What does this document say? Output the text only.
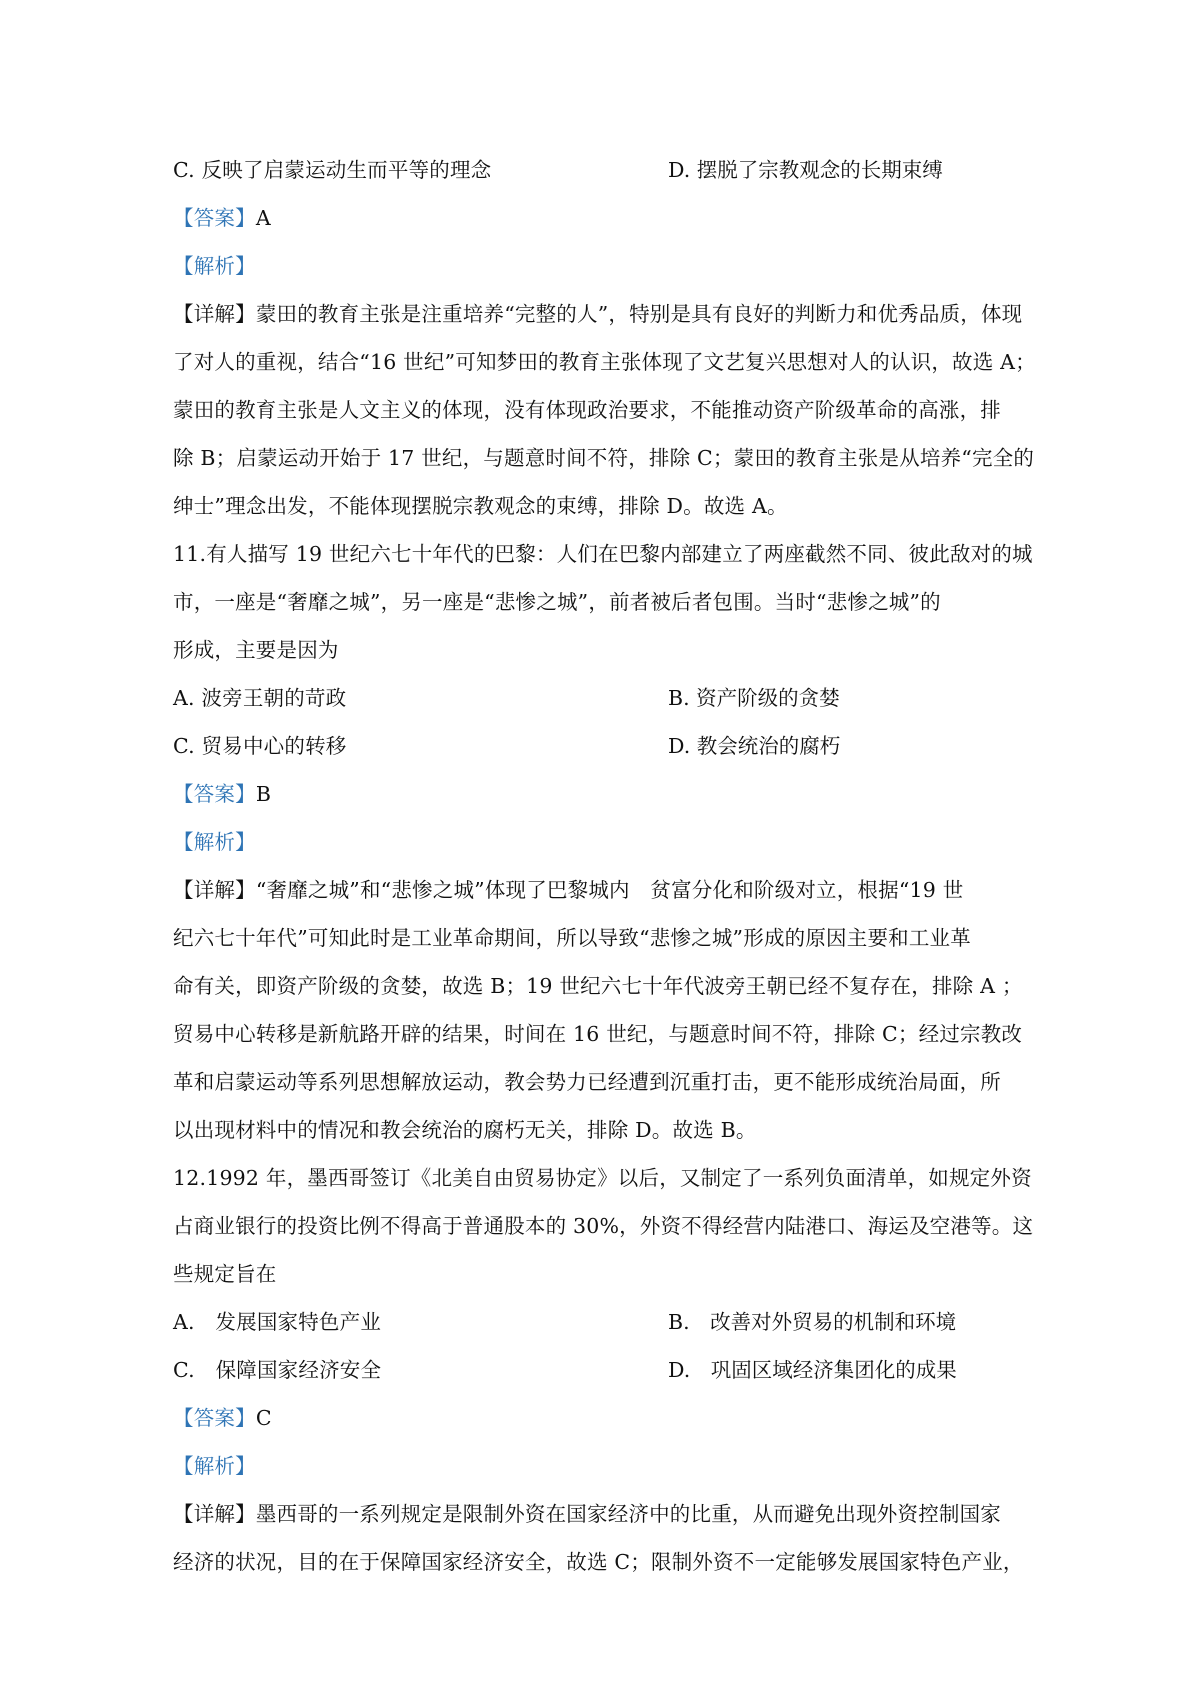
C. 反映了启蒙运动生而平等的理念	D. 摆脱了宗教观念的长期束缚
【答案】A
【解析】
【详解】蒙田的教育主张是注重培养“完整的人”，特别是具有良好的判断力和优秀品质，体现
了对人的重视，结合“16 世纪”可知梦田的教育主张体现了文艺复兴思想对人的认识，故选 A；
蒙田的教育主张是人文主义的体现，没有体现政治要求，不能推动资产阶级革命的高涨，排
除 B；启蒙运动开始于 17 世纪，与题意时间不符，排除 C；蒙田的教育主张是从培养“完全的
绅士”理念出发，不能体现摆脱宗教观念的束缚，排除 D。故选 A。
11.有人描写 19 世纪六七十年代的巴黎：人们在巴黎内部建立了两座截然不同、彼此敌对的城
市，一座是“奢靡之城”，另一座是“悲惨之城”，前者被后者包围。当时“悲惨之城”的
形成，主要是因为
A. 波旁王朝的苛政	B. 资产阶级的贪婪
C. 贸易中心的转移	D. 教会统治的腐朽
【答案】B
【解析】
【详解】“奢靡之城”和“悲惨之城”体现了巴黎城内　贫富分化和阶级对立，根据“19 世
纪六七十年代”可知此时是工业革命期间，所以导致“悲惨之城”形成的原因主要和工业革
命有关，即资产阶级的贪婪，故选 B；19 世纪六七十年代波旁王朝已经不复存在，排除 A ；
贸易中心转移是新航路开辟的结果，时间在 16 世纪，与题意时间不符，排除 C；经过宗教改
革和启蒙运动等系列思想解放运动，教会势力已经遭到沉重打击，更不能形成统治局面，所
以出现材料中的情况和教会统治的腐朽无关，排除 D。故选 B。
12.1992 年，墨西哥签订《北美自由贸易协定》以后，又制定了一系列负面清单，如规定外资
占商业银行的投资比例不得高于普通股本的 30%，外资不得经营内陆港口、海运及空港等。这
些规定旨在
A.　发展国家特色产业	B.　改善对外贸易的机制和环境
C.　保障国家经济安全	D.　巩固区域经济集团化的成果
【答案】C
【解析】
【详解】墨西哥的一系列规定是限制外资在国家经济中的比重，从而避免出现外资控制国家
经济的状况，目的在于保障国家经济安全，故选 C；限制外资不一定能够发展国家特色产业，
